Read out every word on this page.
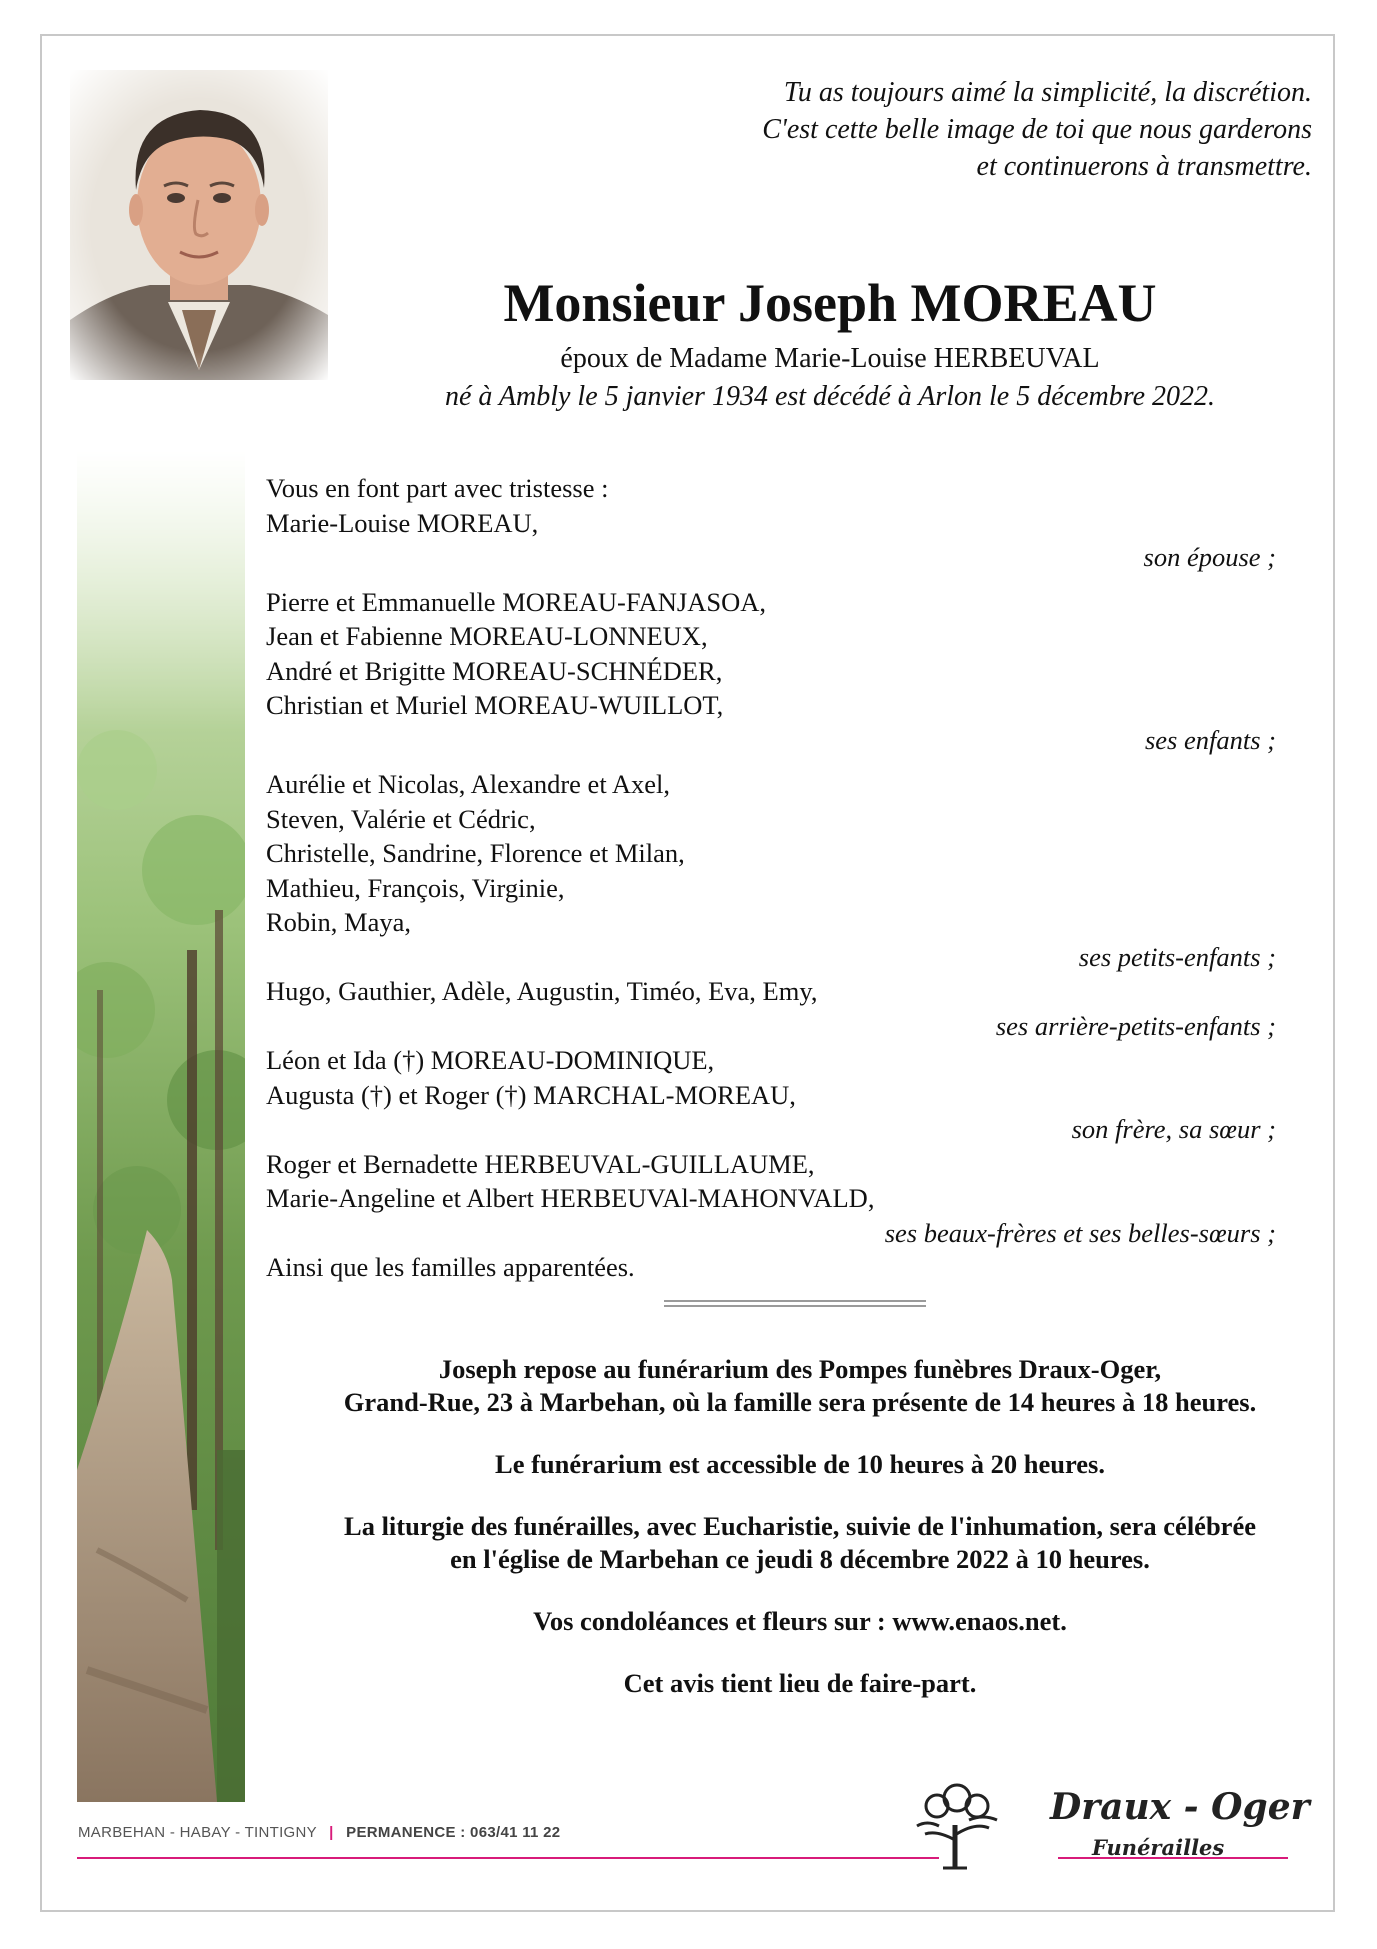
Tu as toujours aimé la simplicité, la discrétion.
C'est cette belle image de toi que nous garderons
et continuerons à transmettre.
Monsieur Joseph MOREAU
époux de Madame Marie-Louise HERBEUVAL
né à Ambly le 5 janvier 1934 est décédé à Arlon le 5 décembre 2022.
Vous en font part avec tristesse :
Marie-Louise MOREAU,
son épouse ;
Pierre et Emmanuelle MOREAU-FANJASOA,
Jean et Fabienne MOREAU-LONNEUX,
André et Brigitte MOREAU-SCHNÉDER,
Christian et Muriel MOREAU-WUILLOT,
ses enfants ;
Aurélie et Nicolas, Alexandre et Axel,
Steven, Valérie et Cédric,
Christelle, Sandrine, Florence et Milan,
Mathieu, François, Virginie,
Robin, Maya,
ses petits-enfants ;
Hugo, Gauthier, Adèle, Augustin, Timéo, Eva, Emy,
ses arrière-petits-enfants ;
Léon et Ida (†) MOREAU-DOMINIQUE,
Augusta (†) et Roger (†) MARCHAL-MOREAU,
son frère, sa sœur ;
Roger et Bernadette HERBEUVAL-GUILLAUME,
Marie-Angeline et Albert HERBEUVAl-MAHONVALD,
ses beaux-frères et ses belles-sœurs ;
Ainsi que les familles apparentées.

Joseph repose au funérarium des Pompes funèbres Draux-Oger,
Grand-Rue, 23 à Marbehan, où la famille sera présente de 14 heures à 18 heures.

Le funérarium est accessible de 10 heures à 20 heures.

La liturgie des funérailles, avec Eucharistie, suivie de l'inhumation, sera célébrée
en l'église de Marbehan ce jeudi 8 décembre 2022 à 10 heures.

Vos condoléances et fleurs sur : www.enaos.net.

Cet avis tient lieu de faire-part.

MARBEHAN - HABAY - TINTIGNY | PERMANENCE : 063/41 11 22
Draux - Oger
Funérailles
